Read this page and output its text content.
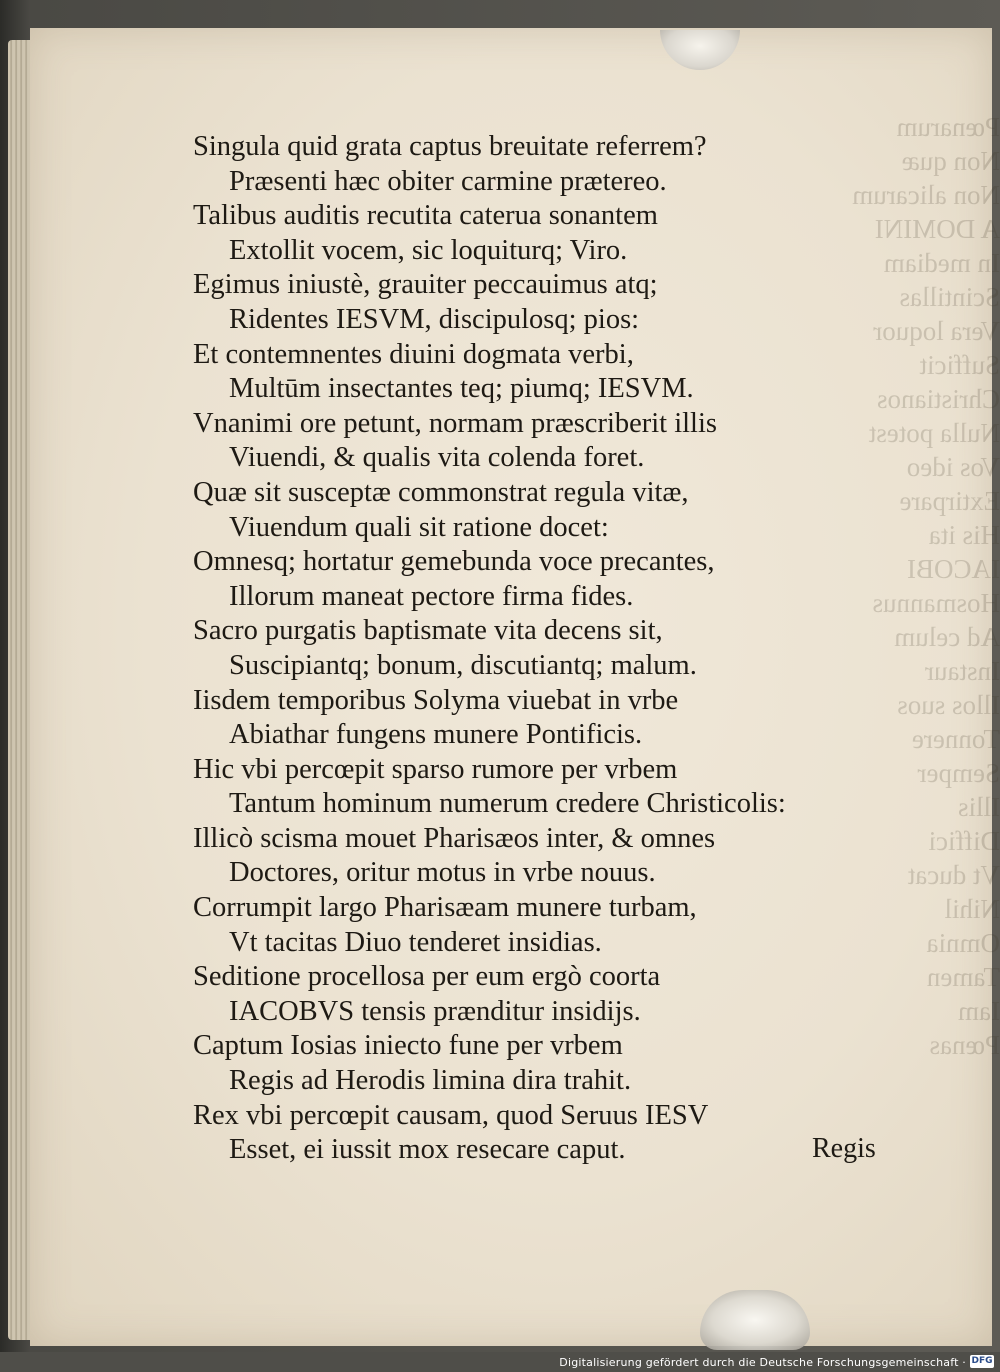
Pœnarum
Non quæ
Non alicarum
A DOMINI
In mediam
Scintillas
Vera loquor
Sufficit
Christianos
Nulla potest
Vos ideo
Extirpare
His ita
IACOBI
Hosmannus
Ad celum
Instaur
Illos suos
Tonnere
Semper
Illis
Diffici
Vt ducat
Nihil
Omnia
Tamen
Iam
Pœnas
Singula quid grata captus breuitate referrem?
Præsenti hæc obiter carmine prætereo.
Talibus auditis recutita caterua sonantem
Extollit vocem, sic loquiturq; Viro.
Egimus iniustè, grauiter peccauimus atq;
Ridentes IESVM, discipulosq; pios:
Et contemnentes diuini dogmata verbi,
Multūm insectantes teq; piumq; IESVM.
Vnanimi ore petunt, normam præscriberit illis
Viuendi, & qualis vita colenda foret.
Quæ sit susceptæ commonstrat regula vitæ,
Viuendum quali sit ratione docet:
Omnesq; hortatur gemebunda voce precantes,
Illorum maneat pectore firma fides.
Sacro purgatis baptismate vita decens sit,
Suscipiantq; bonum, discutiantq; malum.
Iisdem temporibus Solyma viuebat in vrbe
Abiathar fungens munere Pontificis.
Hic vbi percœpit sparso rumore per vrbem
Tantum hominum numerum credere Christicolis:
Illicò scisma mouet Pharisæos inter, & omnes
Doctores, oritur motus in vrbe nouus.
Corrumpit largo Pharisæam munere turbam,
Vt tacitas Diuo tenderet insidias.
Seditione procellosa per eum ergò coorta
IACOBVS tensis prænditur insidijs.
Captum Iosias iniecto fune per vrbem
Regis ad Herodis limina dira trahit.
Rex vbi percœpit causam, quod Seruus IESV
Esset, ei iussit mox resecare caput.	Regis
Digitalisierung gefördert durch die Deutsche Forschungsgemeinschaft · DFG
